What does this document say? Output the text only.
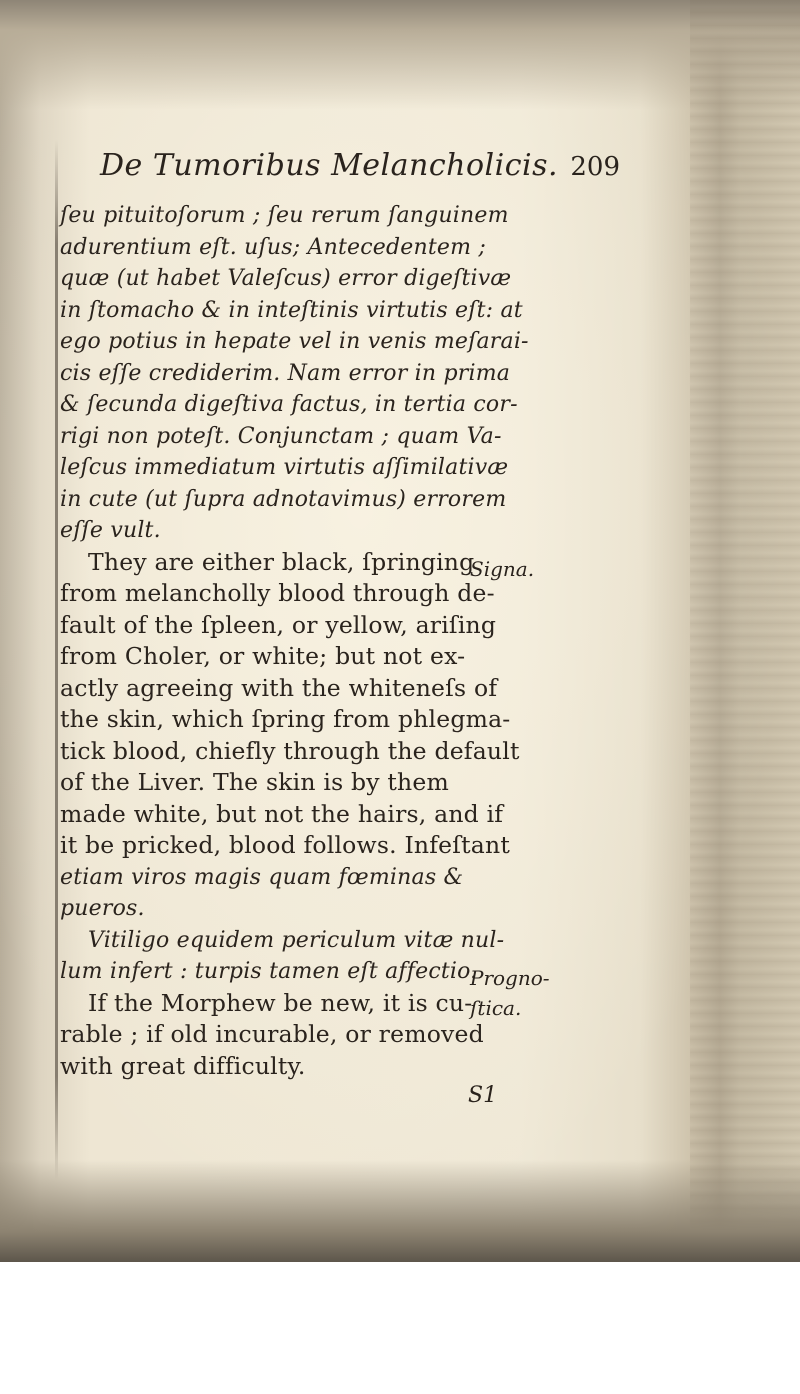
De Tumoribus Melancholicis. 209
ſeu pituitoſorum ; ſeu rerum ſanguinem
adurentium eſt. uſus; Antecedentem ;
quæ (ut habet Valeſcus) error digeſtivæ
in ſtomacho & in inteſtinis virtutis eſt: at
ego potius in hepate vel in venis meſarai-
cis eſſe crediderim. Nam error in prima
& ſecunda digeſtiva factus, in tertia cor-
rigi non poteſt. Conjunctam ; quam Va-
leſcus immediatum virtutis aſſimilativæ
in cute (ut ſupra adnotavimus) errorem
eſſe vult.
They are either black, ſpringing
from melancholly blood through de-
fault of the ſpleen, or yellow, ariſing
from Choler, or white; but not ex-
actly agreeing with the whiteneſs of
the skin, which ſpring from phlegma-
tick blood, chiefly through the default
of the Liver. The skin is by them
made white, but not the hairs, and if
it be pricked, blood follows. Infeſtant
etiam viros magis quam fœminas &
pueros.
Vitiligo equidem periculum vitæ nul-
lum infert : turpis tamen eſt affectio.
If the Morphew be new, it is cu-
rable ; if old incurable, or removed
with great difficulty.
Signa.
Progno-
ſtica.
S1
